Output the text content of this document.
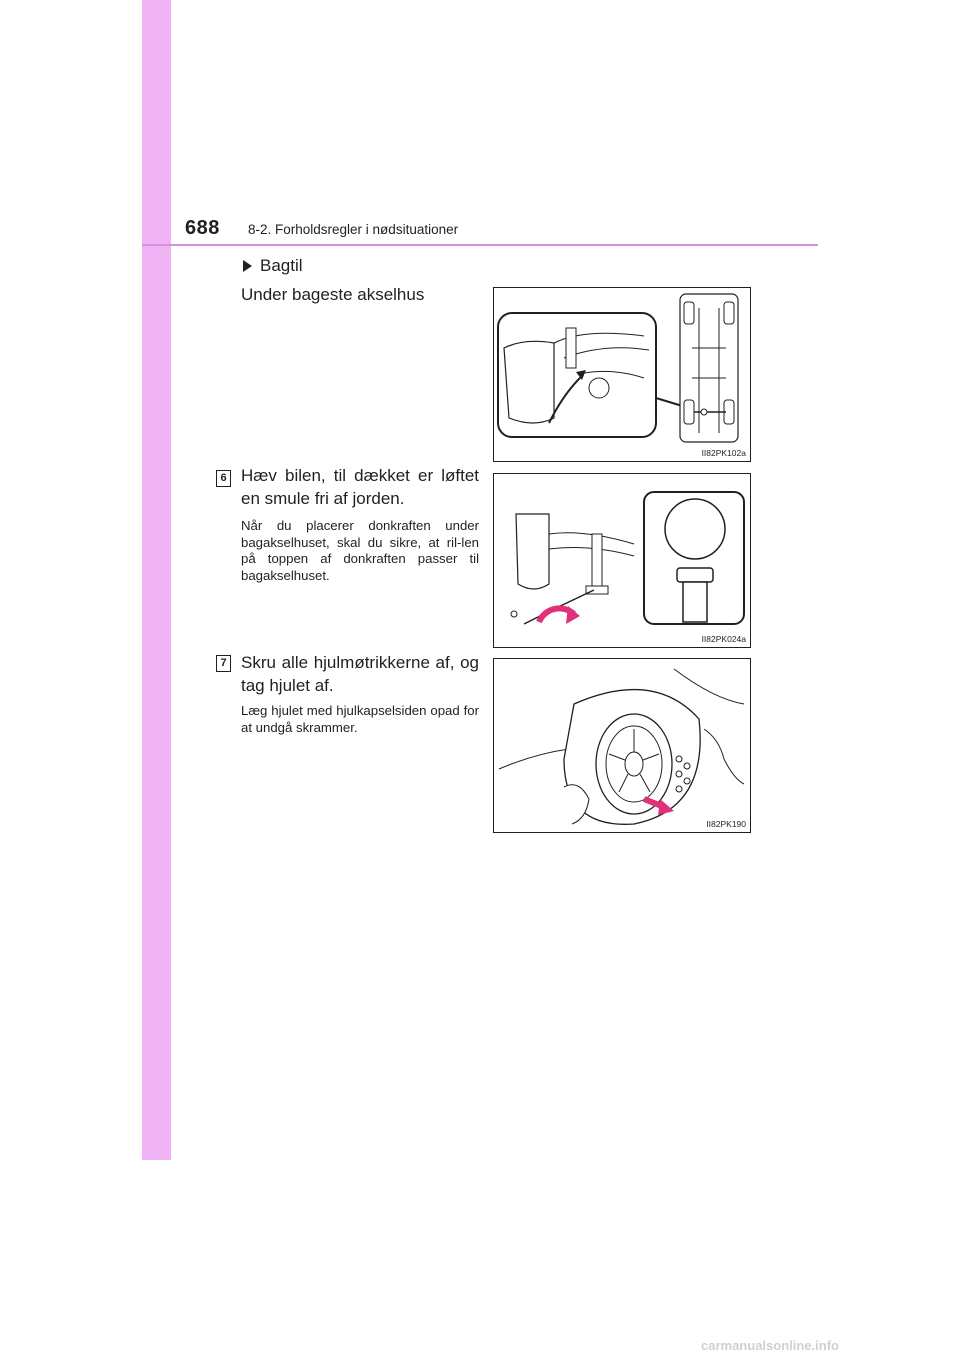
688 8-2. Forholdsregler i nødsituationer
Bagtil
Under bageste akselhus
6 Hæv bilen, til dækket er løftet en smule fri af jorden.
Når du placerer donkraften under bagakselhuset, skal du sikre, at ril-len på toppen af donkraften passer til bagakselhuset.
7 Skru alle hjulmøtrikkerne af, og tag hjulet af.
Læg hjulet med hjulkapselsiden opad for at undgå skrammer.
II82PK102a
II82PK024a
II82PK190
carmanualsonline.info
